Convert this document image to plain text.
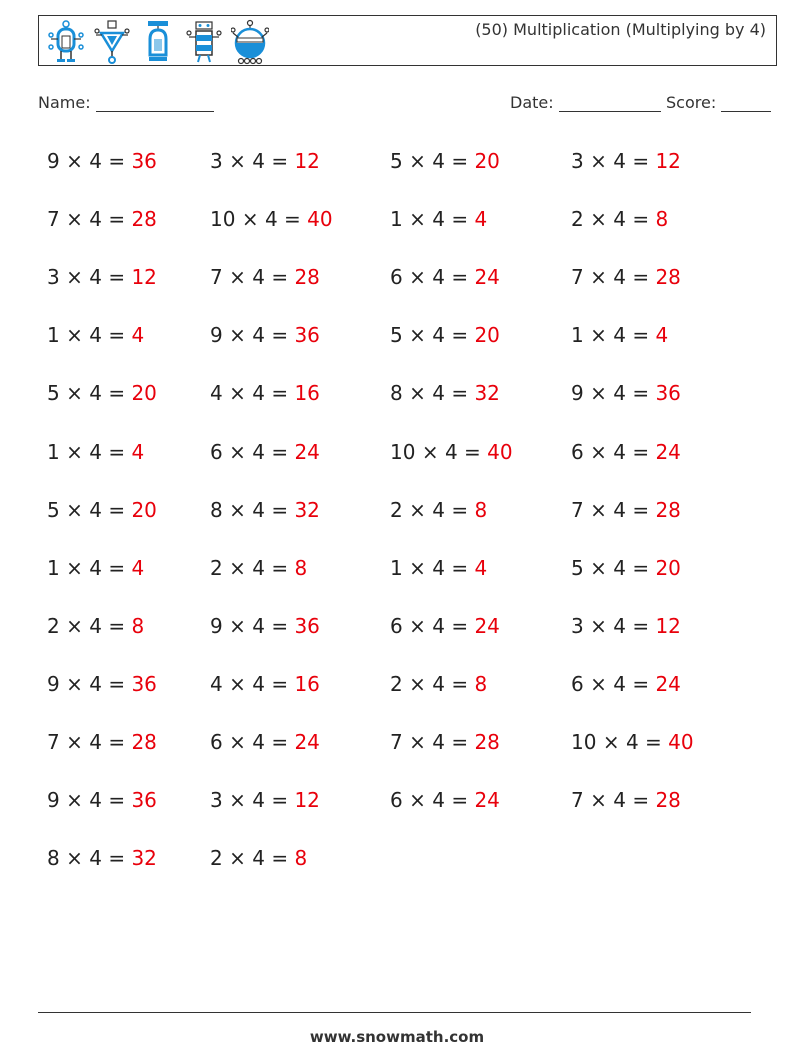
(50) Multiplication (Multiplying by 4)
Name:	Date:	Score:
9 × 4 = 36	3 × 4 = 12	5 × 4 = 20	3 × 4 = 12
7 × 4 = 28	10 × 4 = 40	1 × 4 = 4	2 × 4 = 8
3 × 4 = 12	7 × 4 = 28	6 × 4 = 24	7 × 4 = 28
1 × 4 = 4	9 × 4 = 36	5 × 4 = 20	1 × 4 = 4
5 × 4 = 20	4 × 4 = 16	8 × 4 = 32	9 × 4 = 36
1 × 4 = 4	6 × 4 = 24	10 × 4 = 40	6 × 4 = 24
5 × 4 = 20	8 × 4 = 32	2 × 4 = 8	7 × 4 = 28
1 × 4 = 4	2 × 4 = 8	1 × 4 = 4	5 × 4 = 20
2 × 4 = 8	9 × 4 = 36	6 × 4 = 24	3 × 4 = 12
9 × 4 = 36	4 × 4 = 16	2 × 4 = 8	6 × 4 = 24
7 × 4 = 28	6 × 4 = 24	7 × 4 = 28	10 × 4 = 40
9 × 4 = 36	3 × 4 = 12	6 × 4 = 24	7 × 4 = 28
8 × 4 = 32	2 × 4 = 8
www.snowmath.com
